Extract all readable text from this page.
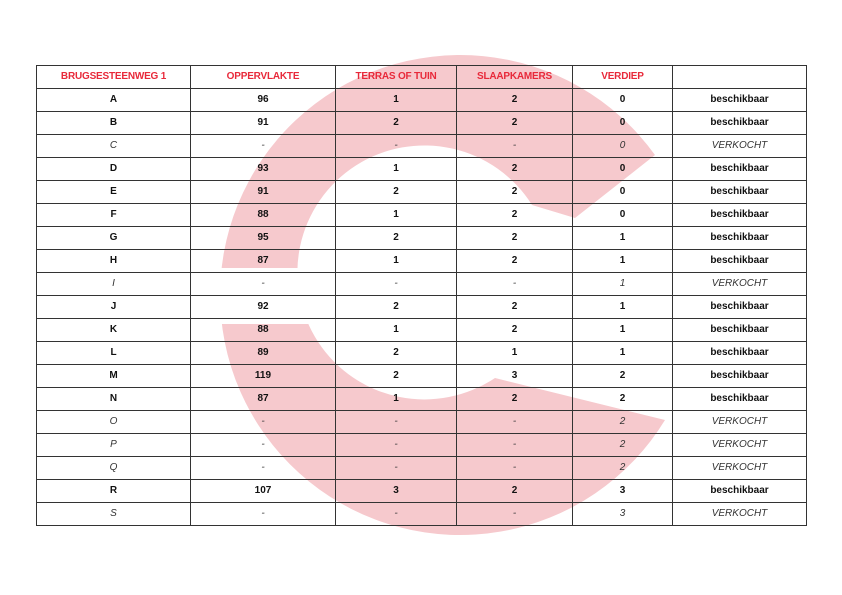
BRUGSESTEENWEG 1	OPPERVLAKTE	TERRAS OF TUIN	SLAAPKAMERS	VERDIEP	
A	96	1	2	0	beschikbaar
B	91	2	2	0	beschikbaar
C	-	-	-	0	VERKOCHT
D	93	1	2	0	beschikbaar
E	91	2	2	0	beschikbaar
F	88	1	2	0	beschikbaar
G	95	2	2	1	beschikbaar
H	87	1	2	1	beschikbaar
I	-	-	-	1	VERKOCHT
J	92	2	2	1	beschikbaar
K	88	1	2	1	beschikbaar
L	89	2	1	1	beschikbaar
M	119	2	3	2	beschikbaar
N	87	1	2	2	beschikbaar
O	-	-	-	2	VERKOCHT
P	-	-	-	2	VERKOCHT
Q	-	-	-	2	VERKOCHT
R	107	3	2	3	beschikbaar
S	-	-	-	3	VERKOCHT
